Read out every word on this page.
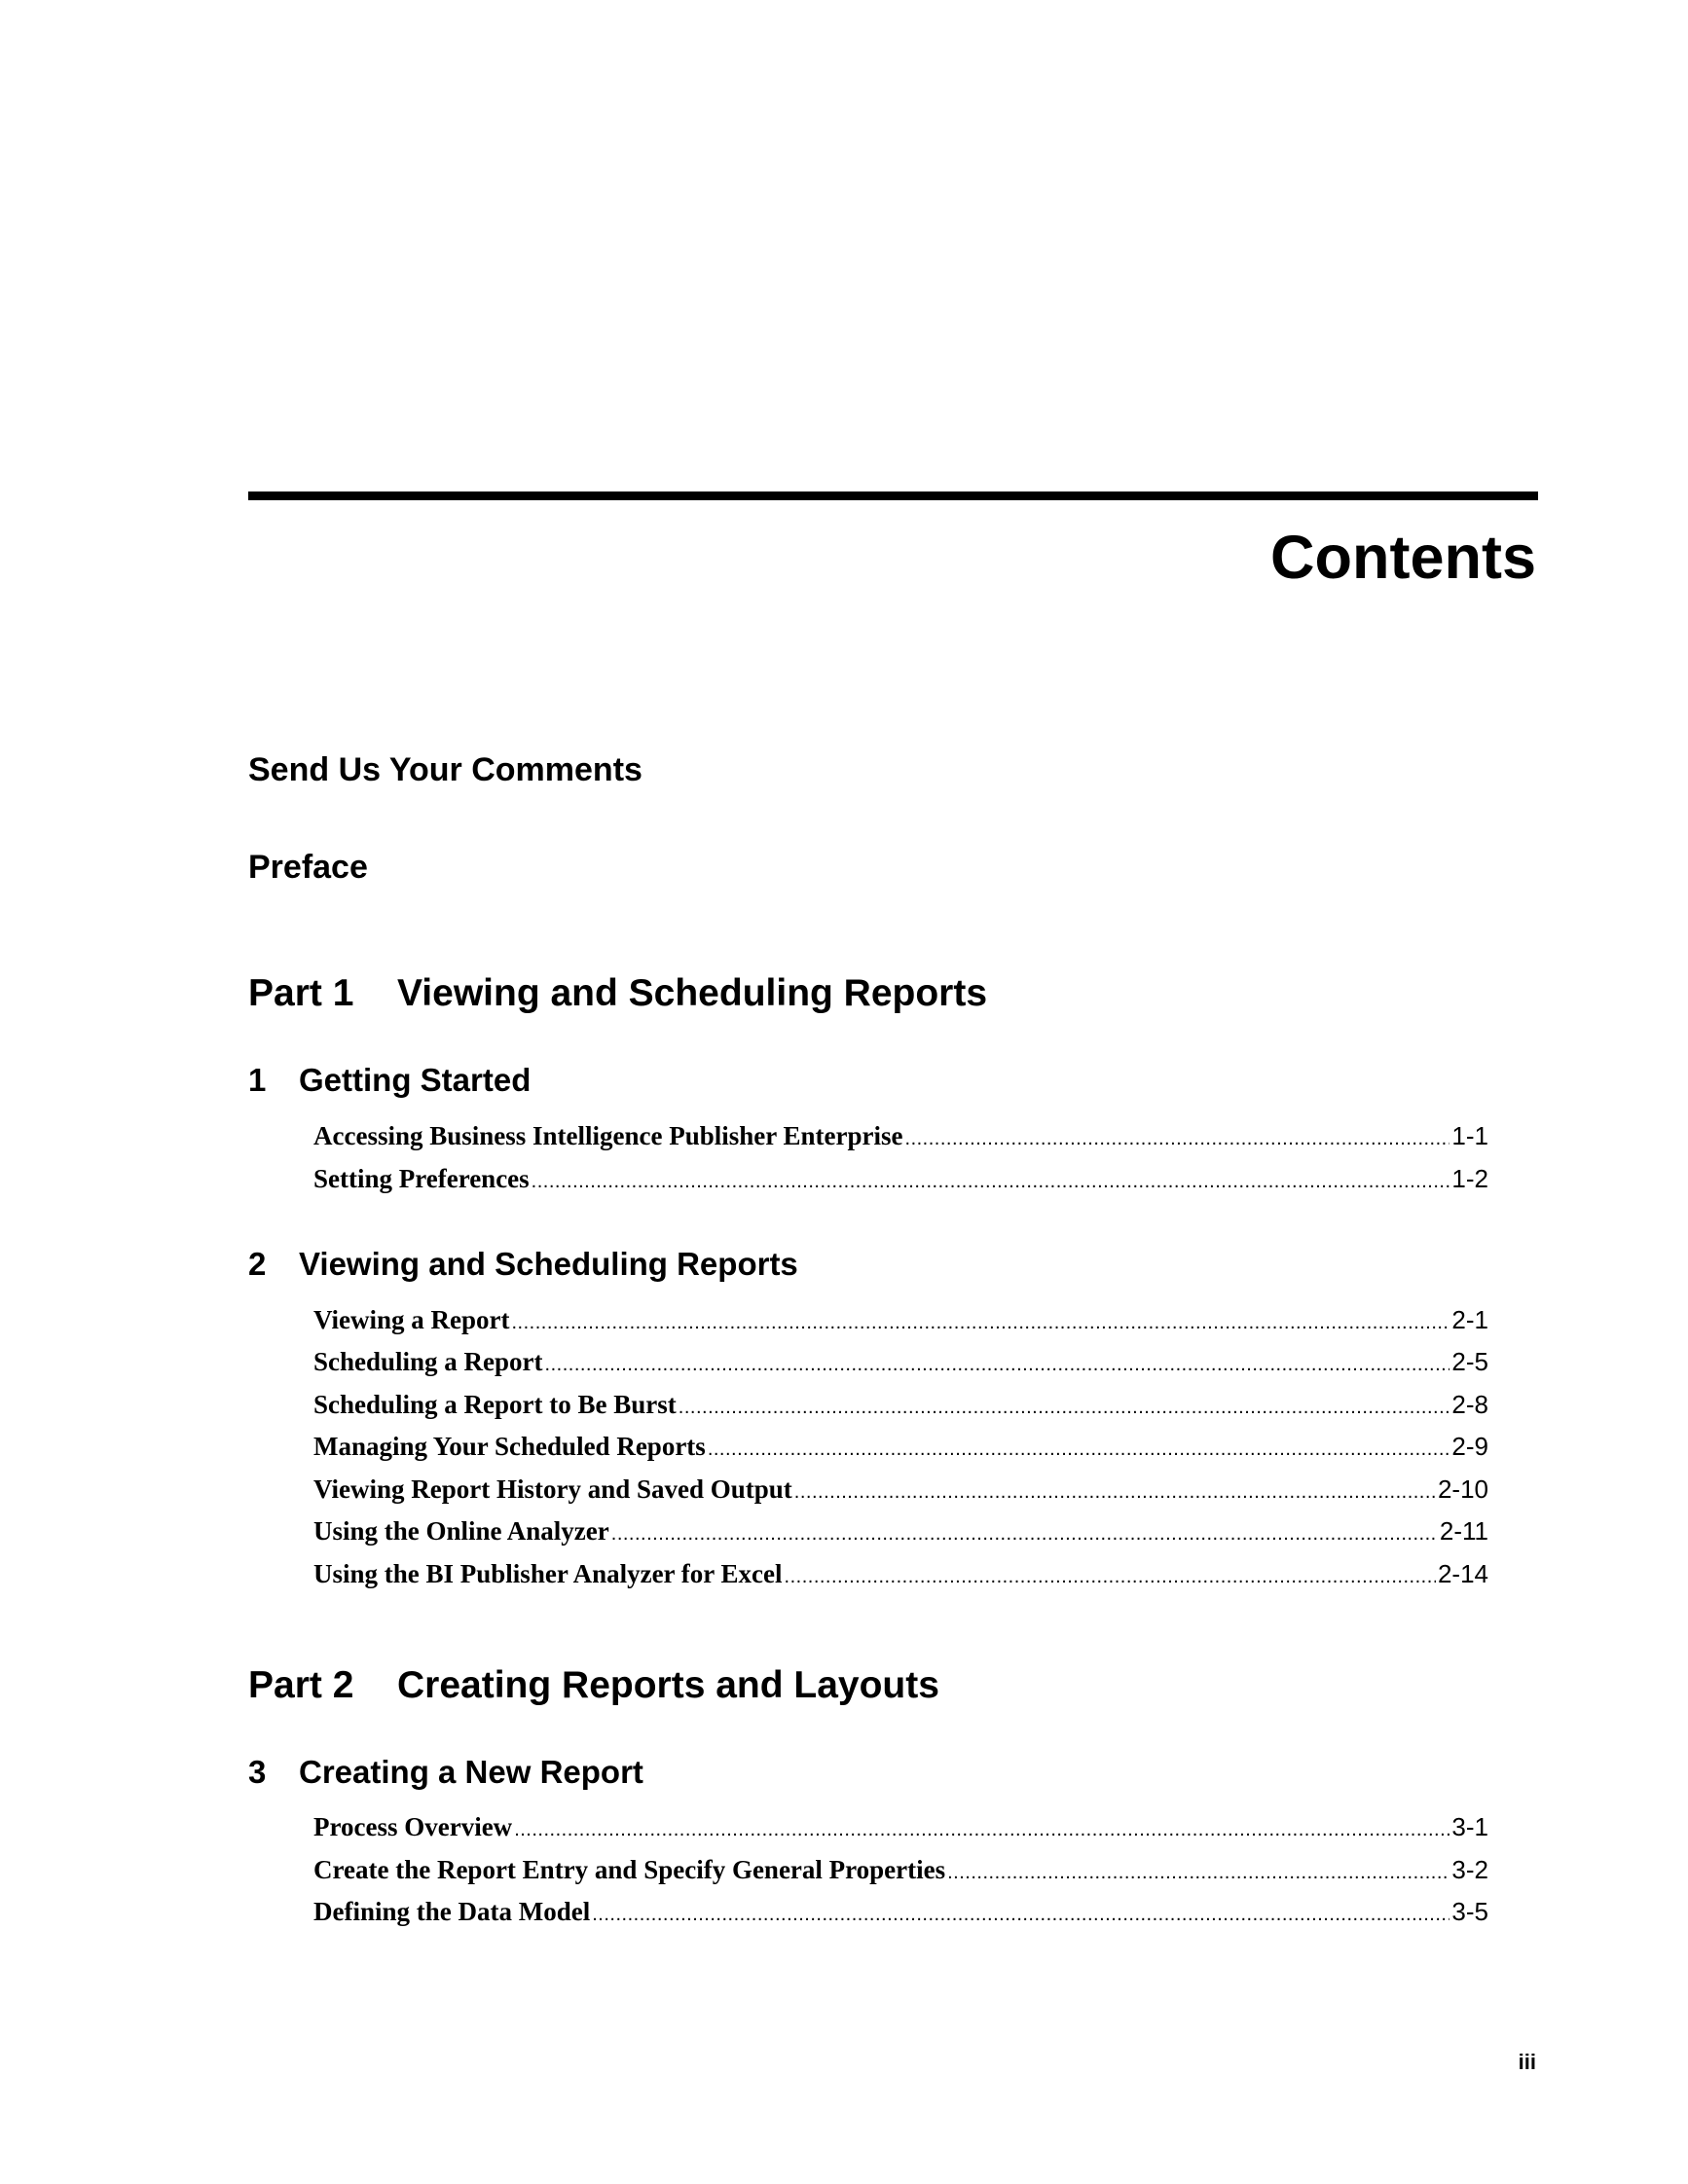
Contents
Send Us Your Comments
Preface
Part 1 Viewing and Scheduling Reports
1 Getting Started
Accessing Business Intelligence Publisher Enterprise .....	1-1
Setting Preferences .....	1-2
2 Viewing and Scheduling Reports
Viewing a Report .....	2-1
Scheduling a Report .....	2-5
Scheduling a Report to Be Burst .....	2-8
Managing Your Scheduled Reports .....	2-9
Viewing Report History and Saved Output .....	2-10
Using the Online Analyzer .....	2-11
Using the BI Publisher Analyzer for Excel .....	2-14
Part 2 Creating Reports and Layouts
3 Creating a New Report
Process Overview .....	3-1
Create the Report Entry and Specify General Properties .....	3-2
Defining the Data Model .....	3-5
iii
